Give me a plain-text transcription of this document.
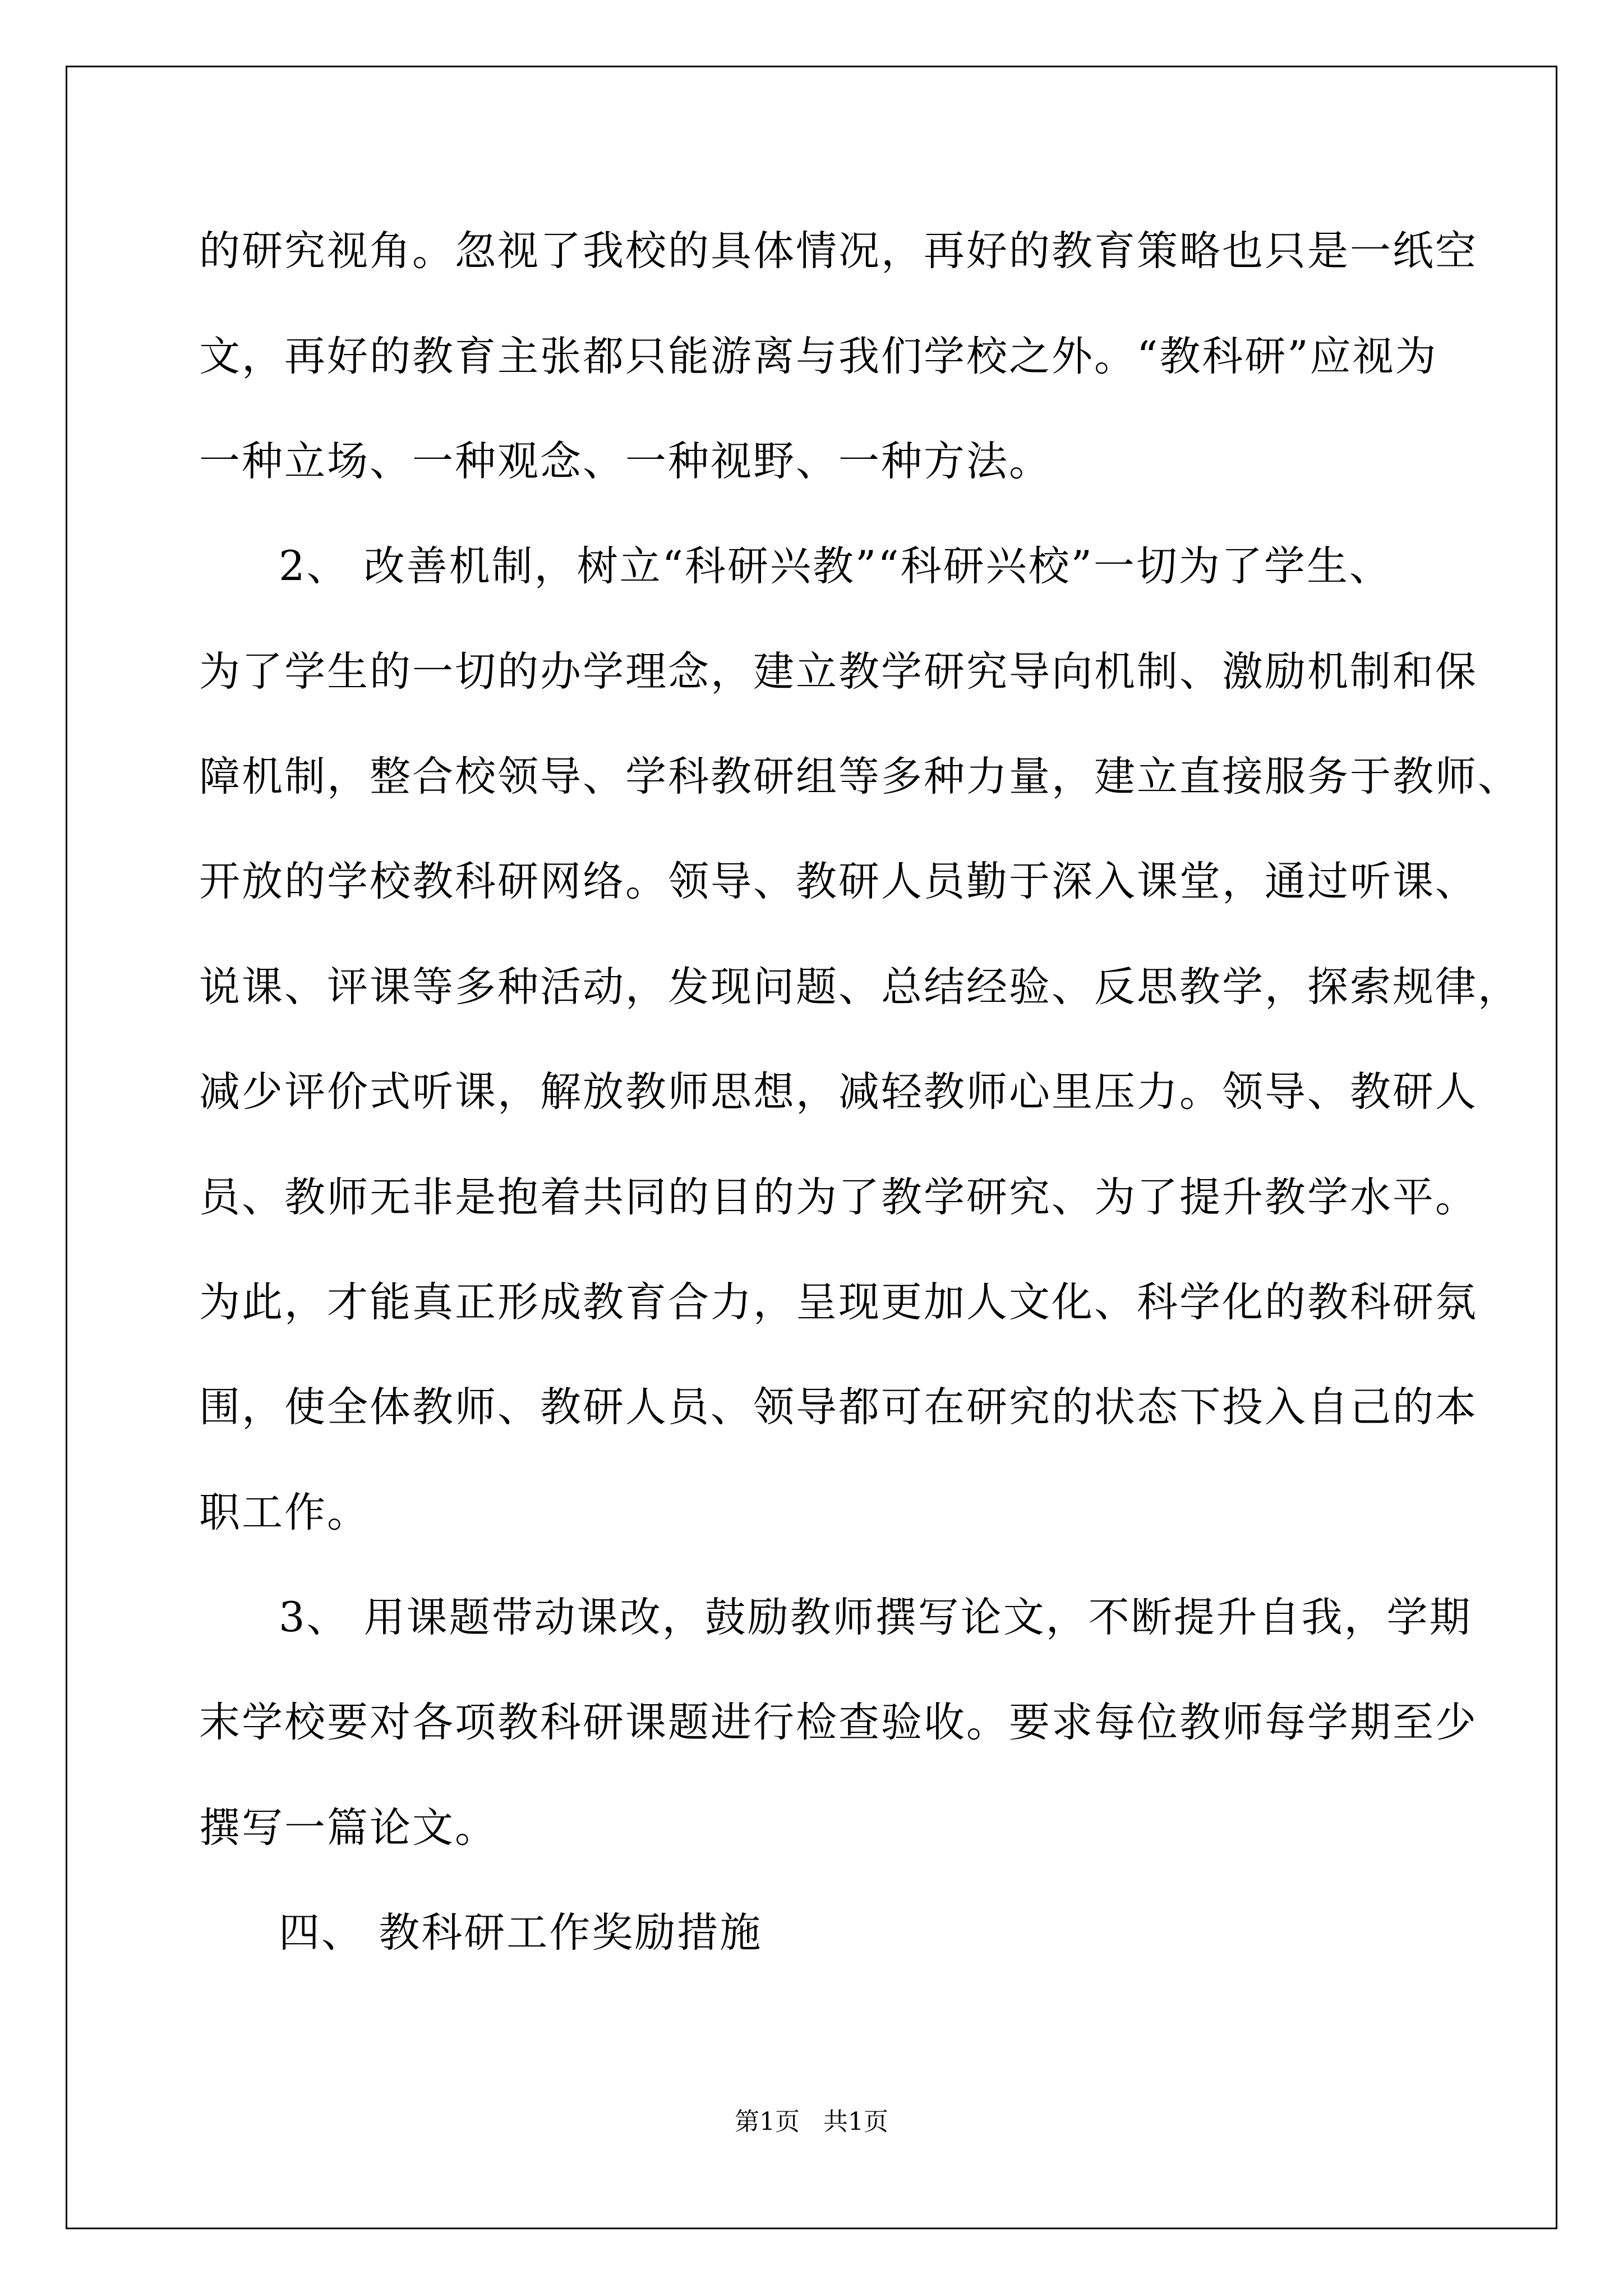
的研究视角。忽视了我校的具体情况，再好的教育策略也只是一纸空
文，再好的教育主张都只能游离与我们学校之外。“教科研”应视为
一种立场、一种观念、一种视野、一种方法。
2、 改善机制，树立“科研兴教”“科研兴校”一切为了学生、
为了学生的一切的办学理念，建立教学研究导向机制、激励机制和保
障机制，整合校领导、学科教研组等多种力量，建立直接服务于教师、
开放的学校教科研网络。领导、教研人员勤于深入课堂，通过听课、
说课、评课等多种活动，发现问题、总结经验、反思教学，探索规律，
减少评价式听课，解放教师思想，减轻教师心里压力。领导、教研人
员、教师无非是抱着共同的目的为了教学研究、为了提升教学水平。
为此，才能真正形成教育合力，呈现更加人文化、科学化的教科研氛
围，使全体教师、教研人员、领导都可在研究的状态下投入自己的本
职工作。
3、 用课题带动课改，鼓励教师撰写论文，不断提升自我，学期
末学校要对各项教科研课题进行检查验收。要求每位教师每学期至少
撰写一篇论文。
四、 教科研工作奖励措施
第1页   共1页
